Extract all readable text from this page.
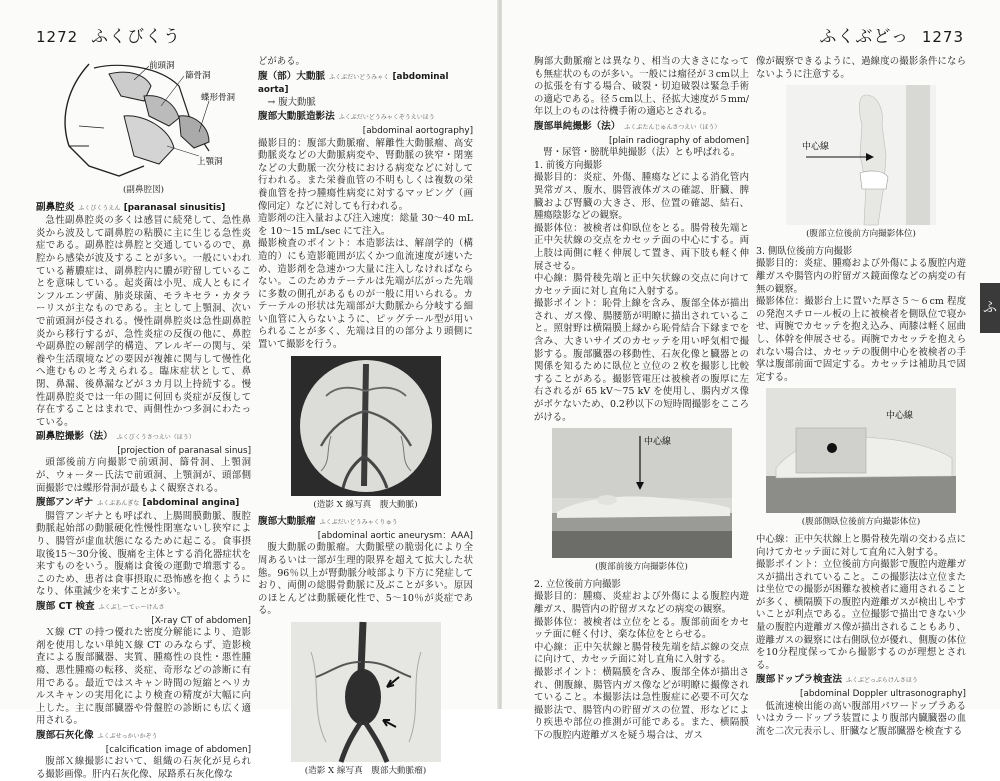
1272 ふくびくう
前頭洞
篩骨洞
蝶形骨洞
上顎洞
(副鼻腔図)
副鼻腔炎 ふくびくうえん [paranasal sinusitis]

急性副鼻腔炎の多くは感冒に続発して、急性鼻炎から波及して副鼻腔の粘膜に主に生じる急性炎症である。副鼻腔は鼻腔と交通しているので、鼻腔から感染が波及することが多い。一般にいわれている蓄膿症は、副鼻腔内に膿が貯留していることを意味している。起炎菌は小児、成人ともにインフルエンザ菌、肺炎球菌、モラキセラ・カタラーリスが主なものである。主として上顎洞、次いで前頭洞が侵される。慢性副鼻腔炎は急性副鼻腔炎から移行するが、急性炎症の反復の他に、鼻腔や副鼻腔の解剖学的構造、アレルギーの関与、栄養や生活環境などの要因が複雑に関与して慢性化へ進むものと考えられる。臨床症状として、鼻閉、鼻漏、後鼻漏などが３カ月以上持続する。慢性副鼻腔炎では一年の間に何回も炎症が反復して存在することはまれで、両側性かつ多洞にわたっている。

副鼻腔撮影（法） ふくびくうさつえい（ほう）
[projection of paranasal sinus]

頭部後前方向撮影で前頭洞、篩骨洞、上顎洞が、ウォーター氏法で前頭洞、上顎洞が、頭部側面撮影では蝶形骨洞が最もよく観察される。

腹部アンギナ ふくぶあんぎな [abdominal angina]

腸管アンギナとも呼ばれ、上腸間膜動脈、腹腔動脈起始部の動脈硬化性慢性閉塞ないし狭窄により、腸管が虚血状態になるために起こる。食事摂取後15～30分後、腹痛を主体とする消化器症状を来すものをいう。腹痛は食後の運動で増悪する。このため、患者は食事摂取に恐怖感を抱くようになり、体重減少を来すことが多い。

腹部 CT 検査 ふくぶしーてぃーけんさ
[X-ray CT of abdomen]

Ｘ線 CT の持つ優れた密度分解能により、造影剤を使用しない単純Ｘ線 CT のみならず、造影検査による腹部臓器、実質、腫瘍性の良性・悪性腫瘍、悪性腫瘍の転移、炎症、奇形などの診断に有用である。最近ではスキャン時間の短縮とヘリカルスキャンの実用化により検査の精度が大幅に向上した。主に腹部臓器や骨盤腔の診断にも広く適用される。

腹部石灰化像 ふくぶせっかいかぞう
[calcification image of abdomen]

腹部Ｘ線撮影において、組織の石灰化が見られる撮影画像。肝内石灰化像、尿路系石灰化像な

どがある。

腹（部）大動脈 ふくぶだいどうみゃく [abdominal aorta]

→ 腹大動脈

腹部大動脈造影法 ふくぶだいどうみゃくぞうえいほう
[abdominal aortography]

撮影目的：腹部大動脈瘤、解離性大動脈瘤、高安動脈炎などの大動脈病変や、腎動脈の狭窄・閉塞などの大動脈一次分枝における病変などに対して行われる。また栄養血管の不明もしくは複数の栄養血管を持つ腫瘍性病変に対するマッピング（画像同定）などに対しても行われる。

造影剤の注入量および注入速度：総量 30～40 mL を 10～15 mL/sec にて注入。

撮影検査のポイント：本造影法は、解剖学的（構造的）にも造影範囲が広くかつ血流速度が速いため、造影剤を急速かつ大量に注入しなければならない。このためカテーテルは先端が広がった先端に多数の側孔があるものが一般に用いられる。カテーテルの形状は先端部が大動脈から分岐する細い血管に入らないように、ピッグテール型が用いられることが多く、先端は目的の部分より頭側に置いて撮影を行う。

(造影 X 線写真　腹大動脈)
腹部大動脈瘤 ふくぶだいどうみゃくりゅう
[abdominal aortic aneurysm：AAA]

腹大動脈の動脈瘤。大動脈壁の脆弱化により全周あるいは一部が生理的限界を超えて拡大した状態。96％以上が腎動脈分岐部より下方に発症しており、両側の総腸骨動脈に及ぶことが多い。原因のほとんどは動脈硬化性で、5～10％が炎症である。

(造影 X 線写真　腹部大動脈瘤)
ふくぶどっ 1273

胸部大動脈瘤とは異なり、相当の大きさになっても無症状のものが多い。一般には瘤径が３cm以上の拡張を有する場合、破裂・切迫破裂は緊急手術の適応である。径５cm以上、径拡大速度が５mm/年以上のものは待機手術の適応とされる。

腹部単純撮影（法） ふくぶたんじゅんさつえい（ほう）
[plain radiography of abdomen]

腎・尿管・膀胱単純撮影（法）とも呼ばれる。

1. 前後方向撮影

撮影目的：炎症、外傷、腫瘍などによる消化管内異常ガス、腹水、腸管液体ガスの確認、肝臓、脾臓および腎臓の大きさ、形、位置の確認、結石、腫瘍陰影などの観察。

撮影体位：被検者は仰臥位をとる。腸骨稜先端と正中矢状線の交点をカセッテ面の中心にする。両上肢は両側に軽く伸展して置き、両下肢も軽く伸展させる。

中心線：腸骨稜先端と正中矢状線の交点に向けてカセッテ面に対し直角に入射する。

撮影ポイント：恥骨上線を含み、腹部全体が描出され、ガス像、腸腰筋が明瞭に描出されていること。照射野は横隔膜上縁から恥骨結合下縁までを含み、大きいサイズのカセッテを用い呼気相で撮影する。腹部臓器の移動性、石灰化像と臓器との関係を知るために臥位と立位の２枚を撮影し比較することがある。撮影管電圧は被検者の腹厚に左右されるが 65 kV～75 kV を使用し、腸内ガス像がボケないため、0.2秒以下の短時間撮影をこころがける。

中心線
(腹部前後方向撮影体位)

2. 立位後前方向撮影

撮影目的：腫瘍、炎症および外傷による腹腔内遊離ガス、腸管内の貯留ガスなどの病変の観察。

撮影体位：被検者は立位をとる。腹部前面をカセッテ面に軽く付け、楽な体位をとらせる。

中心線：正中矢状線と腸骨稜先端を結ぶ線の交点に向けて、カセッテ面に対し直角に入射する。

撮影ポイント：横隔膜を含み、腹部全体が描出され、側腹線、腸管内ガス像などが明瞭に撮像されていること。本撮影法は急性腹症に必要不可欠な撮影法で、腸管内の貯留ガスの位置、形などにより疾患や部位の推測が可能である。また、横隔膜下の腹腔内遊離ガスを疑う場合は、ガス

像が観察できるように、過線度の撮影条件にならないように注意する。

中心線
(腹部立位後前方向撮影体位)

3. 側臥位後前方向撮影

撮影目的：炎症、腫瘍および外傷による腹腔内遊離ガスや腸管内の貯留ガス鏡面像などの病変の有無の観察。

撮影体位：撮影台上に置いた厚さ５～６cm 程度の発泡スチロール板の上に被検者を側臥位で寝かせ、両腕でカセッテを抱え込み、両膝は軽く屈曲し、体幹を伸展させる。両腕でカセッテを抱えられない場合は、カセッテの腹側中心を被検者の手掌は腹部前面で固定する。カセッテは補助具で固定する。

中心線
(腹部側臥位後前方向撮影体位)

中心線：正中矢状線上と腸骨稜先端の交わる点に向けてカセッテ面に対して直角に入射する。

撮影ポイント：立位後前方向撮影で腹腔内遊離ガスが描出されていること。この撮影法は立位または坐位での撮影が困難な被検者に適用されることが多く、横隔膜下の腹腔内遊離ガスが検出しやすいことが利点である。立位撮影で描出できない少量の腹腔内遊離ガス像が描出されることもあり、遊離ガスの観察には右側臥位が優れ、側腹の体位を10分程度保ってから撮影するのが理想とされる。

腹部ドップラ検査法 ふくぶどっぷらけんさほう
[abdominal Doppler ultrasonography]

低流速検出能の高い腹部用パワードップラあるいはカラードップラ装置により腹部内臓臓器の血流を二次元表示し、肝臓など腹部臓器を検査する

ふ
